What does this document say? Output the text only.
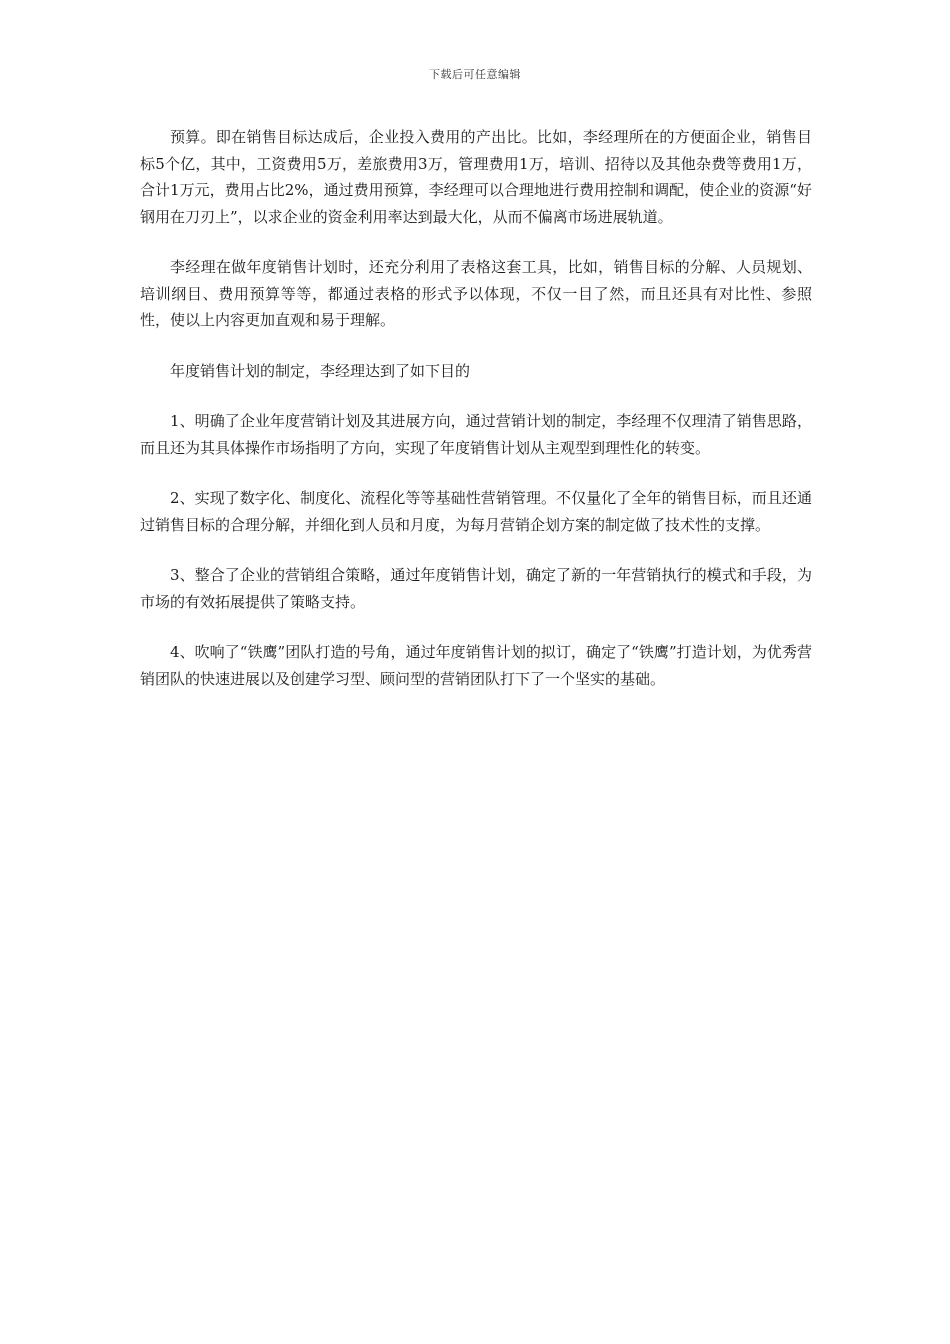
下载后可任意编辑

预算。即在销售目标达成后，企业投入费用的产出比。比如，李经理所在的方便面企业，销售目标5个亿，其中，工资费用5万，差旅费用3万，管理费用1万，培训、招待以及其他杂费等费用1万，合计1万元，费用占比2%，通过费用预算，李经理可以合理地进行费用控制和调配，使企业的资源“好钢用在刀刃上”，以求企业的资金利用率达到最大化，从而不偏离市场进展轨道。

李经理在做年度销售计划时，还充分利用了表格这套工具，比如，销售目标的分解、人员规划、培训纲目、费用预算等等，都通过表格的形式予以体现，不仅一目了然，而且还具有对比性、参照性，使以上内容更加直观和易于理解。

年度销售计划的制定，李经理达到了如下目的

1、明确了企业年度营销计划及其进展方向，通过营销计划的制定，李经理不仅理清了销售思路，而且还为其具体操作市场指明了方向，实现了年度销售计划从主观型到理性化的转变。

2、实现了数字化、制度化、流程化等等基础性营销管理。不仅量化了全年的销售目标，而且还通过销售目标的合理分解，并细化到人员和月度，为每月营销企划方案的制定做了技术性的支撑。

3、整合了企业的营销组合策略，通过年度销售计划，确定了新的一年营销执行的模式和手段，为市场的有效拓展提供了策略支持。

4、吹响了“铁鹰”团队打造的号角，通过年度销售计划的拟订，确定了“铁鹰”打造计划，为优秀营销团队的快速进展以及创建学习型、顾问型的营销团队打下了一个坚实的基础。
